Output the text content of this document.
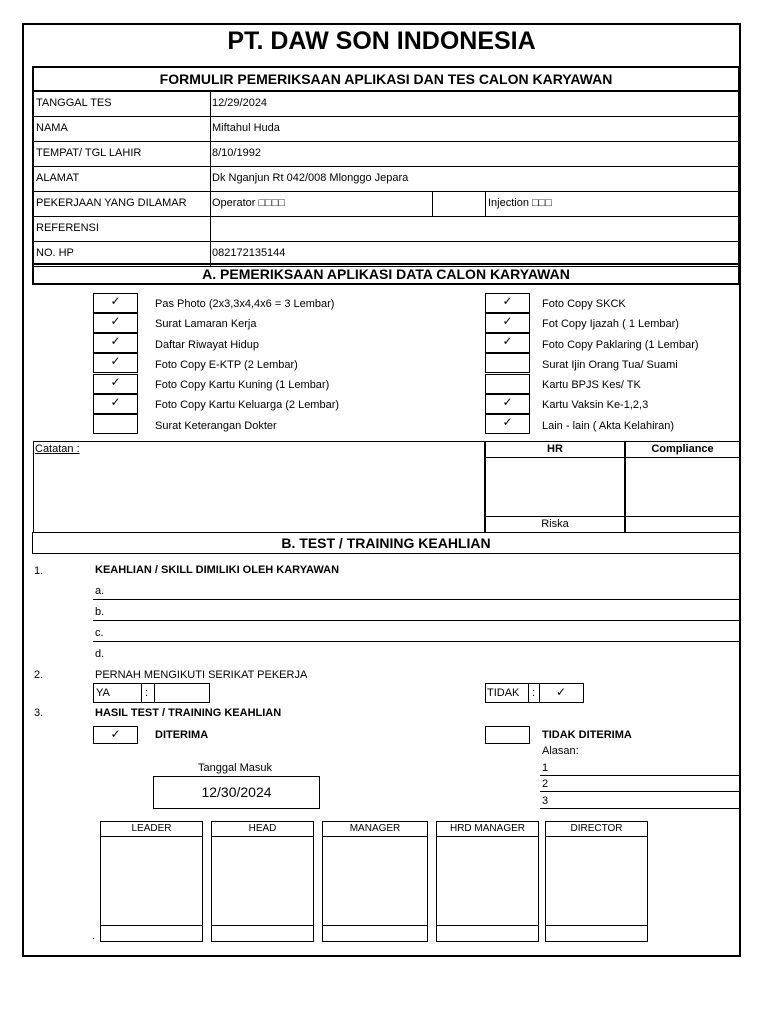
PT. DAW SON INDONESIA
FORMULIR PEMERIKSAAN APLIKASI DAN TES CALON KARYAWAN
TANGGAL TES	12/29/2024
NAMA	Miftahul Huda
TEMPAT/ TGL LAHIR	8/10/1992
ALAMAT	Dk Nganjun Rt 042/008 Mlonggo Jepara
PEKERJAAN YANG DILAMAR Operator □□□□	Injection □□□
REFERENSI
NO. HP	082172135144
A. PEMERIKSAAN APLIKASI DATA CALON KARYAWAN
✓	Pas Photo (2x3,3x4,4x6 = 3 Lembar)
✓	Surat Lamaran Kerja
✓	Daftar Riwayat Hidup
✓	Foto Copy E-KTP (2 Lembar)
✓	Foto Copy Kartu Kuning (1 Lembar)
✓	Foto Copy Kartu Keluarga (2 Lembar)
Surat Keterangan Dokter
✓	Foto Copy SKCK
✓	Fot Copy Ijazah ( 1 Lembar)
✓	Foto Copy Paklaring (1 Lembar)
Surat Ijin Orang Tua/ Suami
Kartu BPJS Kes/ TK
✓	Kartu Vaksin Ke-1,2,3
✓	Lain - lain ( Akta Kelahiran)
Catatan :	HR
Riska
Compliance
B. TEST / TRAINING KEAHLIAN
1.	KEAHLIAN / SKILL DIMILIKI OLEH KARYAWAN
a.
b.
c.
d.
2.	PERNAH MENGIKUTI SERIKAT PEKERJA
YA	:	TIDAK : ✓
3.	HASIL TEST / TRAINING KEAHLIAN
✓	DITERIMA	TIDAK DITERIMA
Alasan:
1
2
3
Tanggal Masuk
12/30/2024
LEADER	HEAD	MANAGER	HRD MANAGER	DIRECTOR
.
